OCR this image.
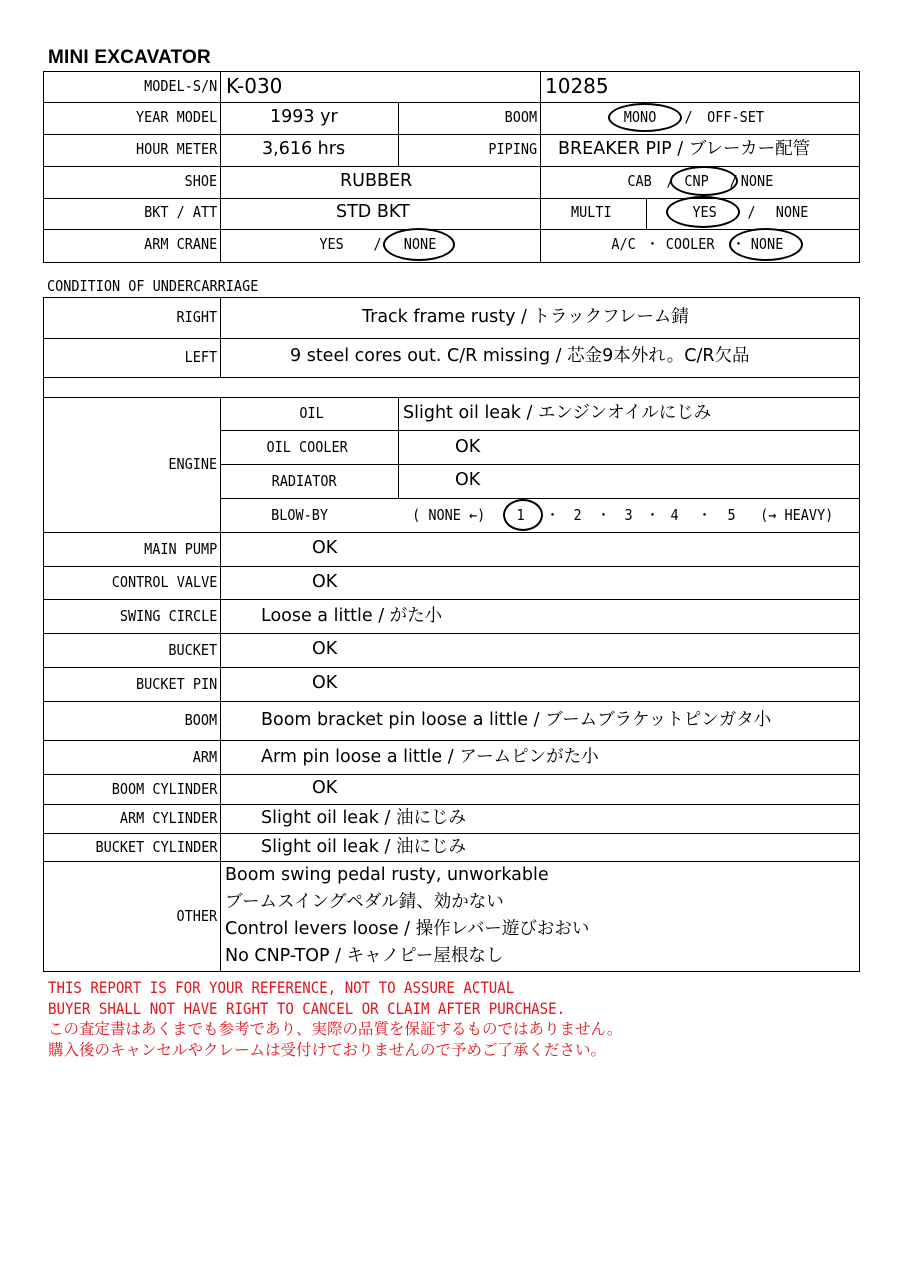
MINI EXCAVATOR
MODEL-S/N K-030	10285
YEAR MODEL	1993 yr	BOOM	MONO / OFF-SET
HOUR METER	3,616 hrs	PIPING BREAKER PIP / ブレーカー配管
SHOE	RUBBER	CAB / CNP / NONE
BKT / ATT	STD BKT	MULTI	YES / NONE
ARM CRANE	YES / NONE	A/C ・ COOLER ・ NONE
CONDITION OF UNDERCARRIAGE
RIGHT	Track frame rusty / トラックフレーム錆
LEFT	9 steel cores out. C/R missing / 芯金9本外れ。C/R欠品
ENGINE
OIL	Slight oil leak / エンジンオイルにじみ
OIL COOLER	OK
RADIATOR	OK
BLOW-BY	( NONE ←) 1 ・ 2 ・ 3 ・ 4 ・ 5 (→ HEAVY)
MAIN PUMP	OK
CONTROL VALVE	OK
SWING CIRCLE	Loose a little / がた小
BUCKET	OK
BUCKET PIN	OK
BOOM	Boom bracket pin loose a little / ブームブラケットピンガタ小
ARM	Arm pin loose a little / アームピンがた小
BOOM CYLINDER	OK
ARM CYLINDER	Slight oil leak / 油にじみ
BUCKET CYLINDER	Slight oil leak / 油にじみ
OTHER
Boom swing pedal rusty, unworkable
ブームスイングペダル錆、効かない
Control levers loose / 操作レバー遊びおおい
No CNP-TOP / キャノピー屋根なし
THIS REPORT IS FOR YOUR REFERENCE, NOT TO ASSURE ACTUAL
BUYER SHALL NOT HAVE RIGHT TO CANCEL OR CLAIM AFTER PURCHASE.
この査定書はあくまでも参考であり、実際の品質を保証するものではありません。
購入後のキャンセルやクレームは受付けておりませんので予めご了承ください。
